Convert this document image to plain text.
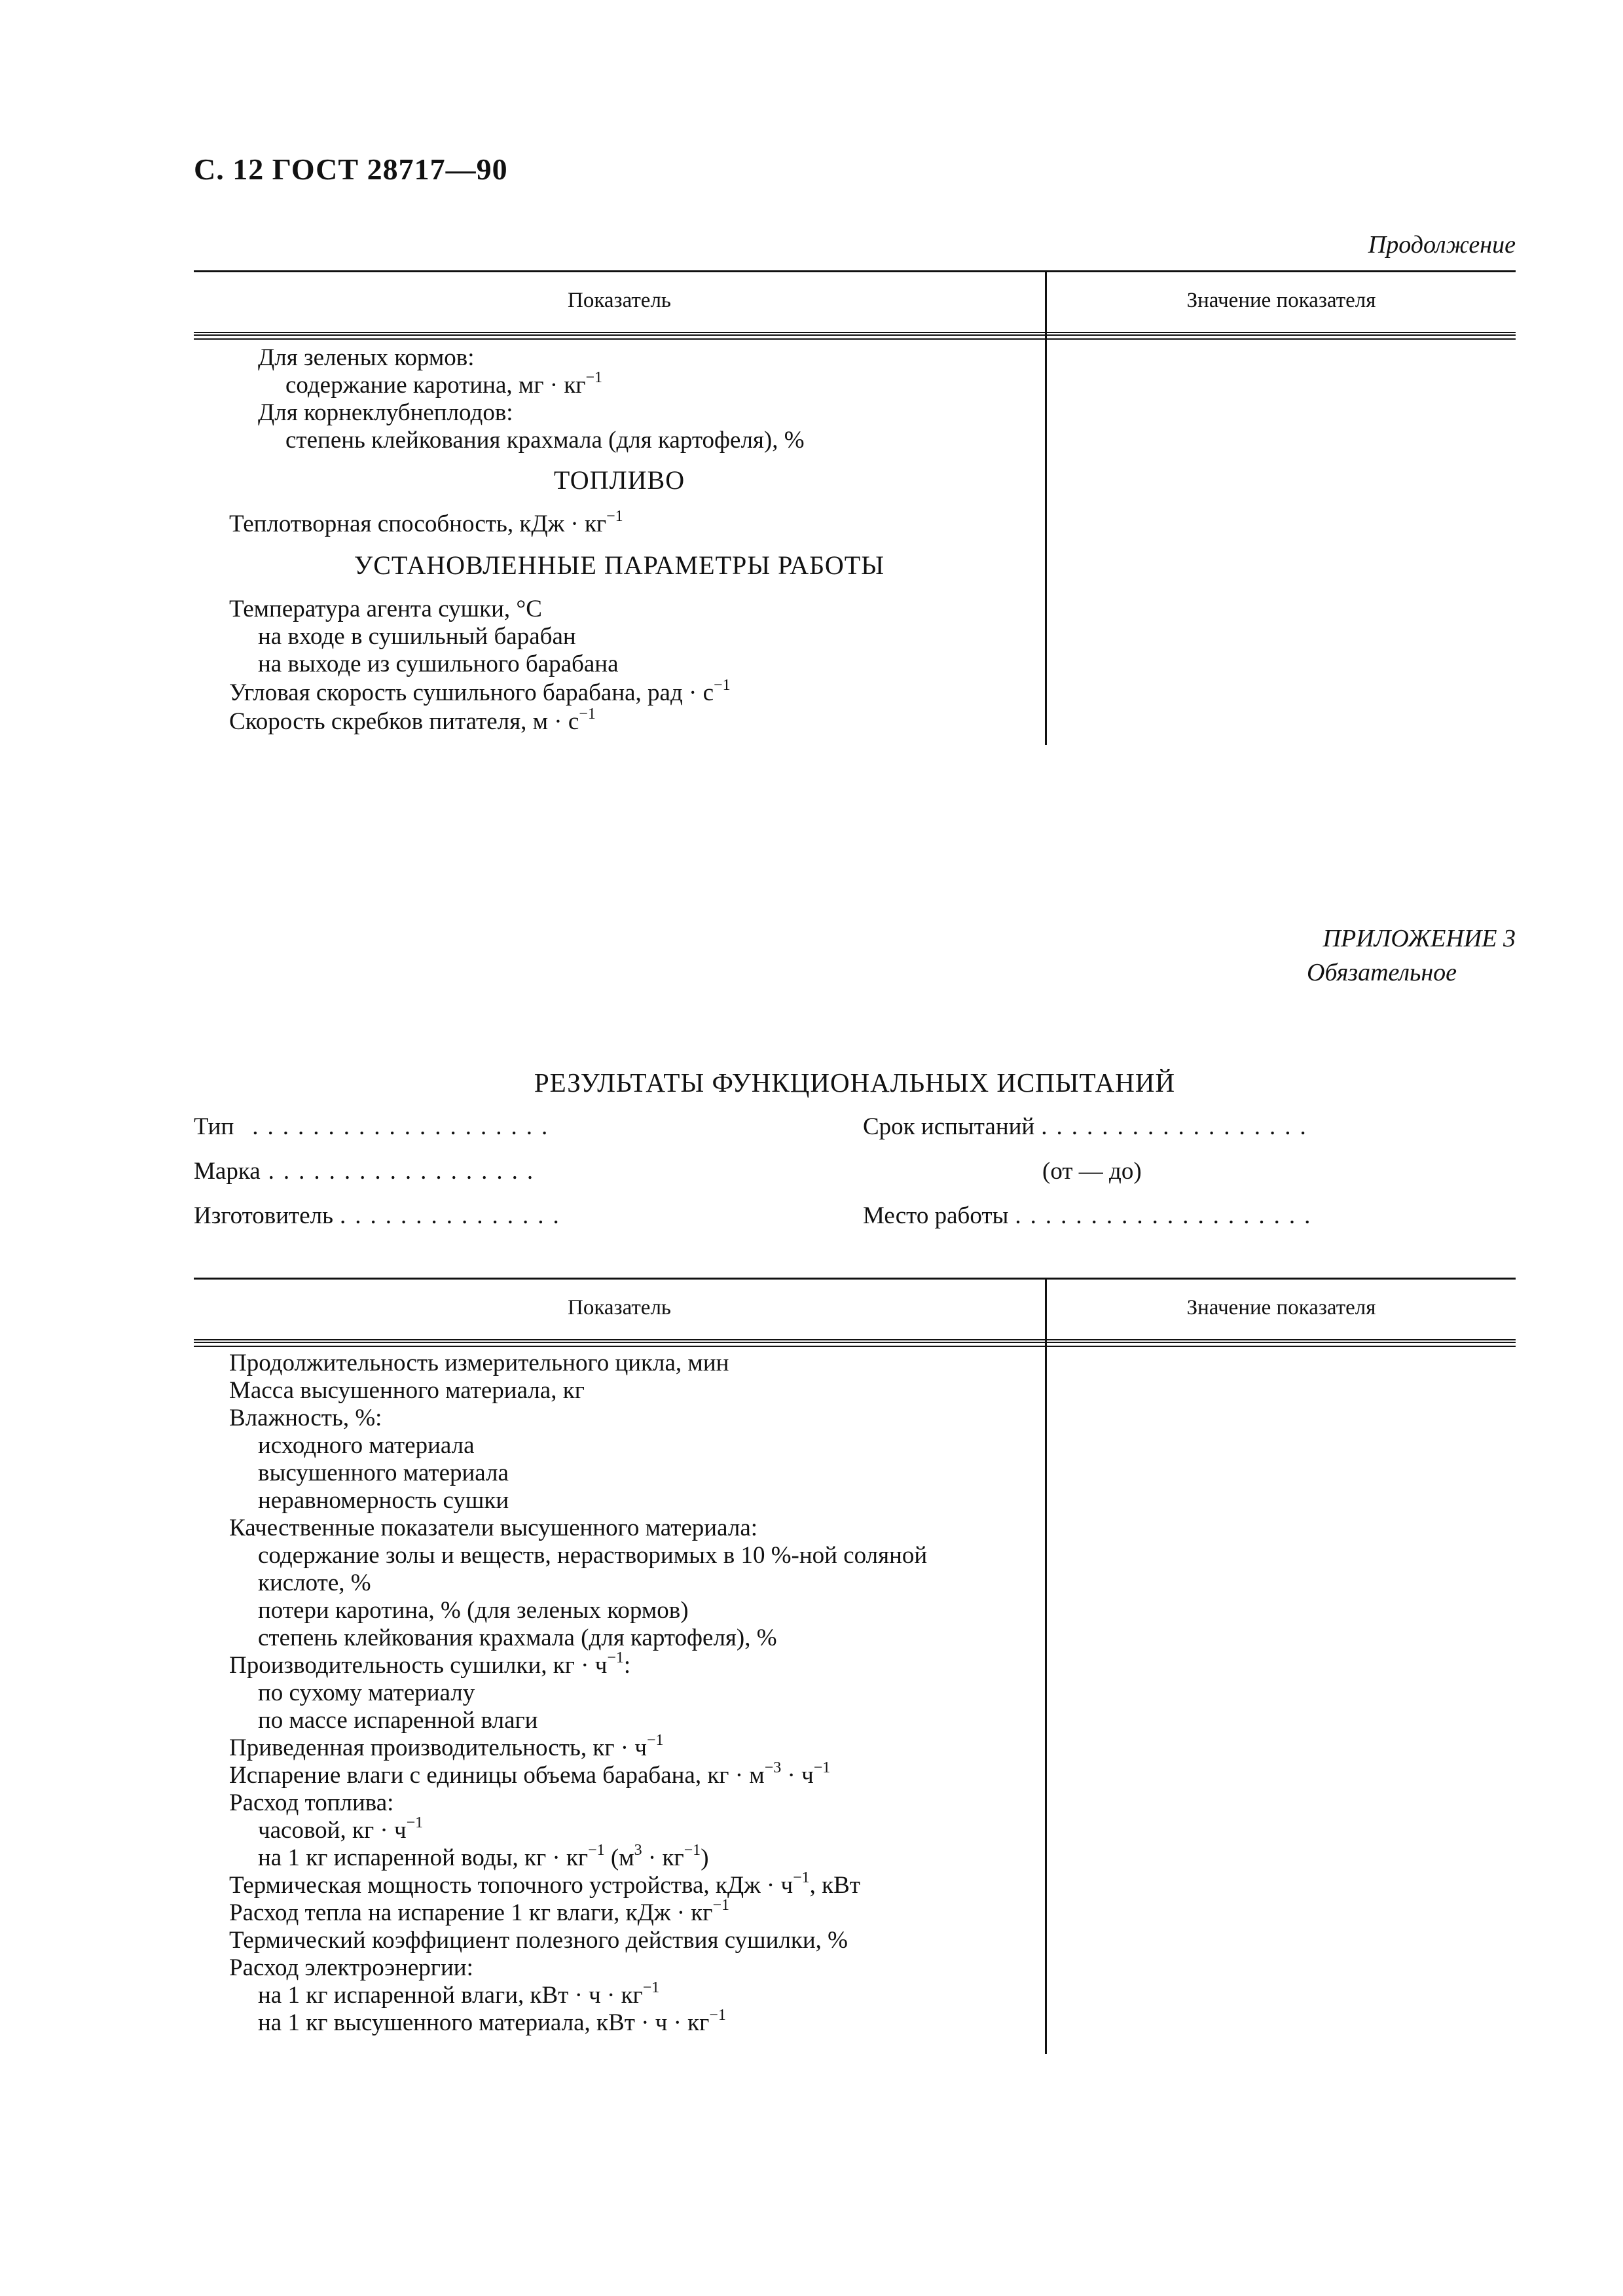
С. 12 ГОСТ 28717—90
Продолжение
Показатель	Значение показателя
Для зеленых кормов:
содержание каротина, мг · $кг^{-1}$
Для корнеклубнеплодов:
степень клейкования крахмала (для картофеля), %
ТОПЛИВО
Теплотворная способность, кДж · $кг^{-1}$
УСТАНОВЛЕННЫЕ ПАРАМЕТРЫ РАБОТЫ
Температура агента сушки, °С
на входе в сушильный барабан
на выходе из сушильного барабана
Угловая скорость сушильного барабана, рад · $с^{-1}$
Скорость скребков питателя, $м \cdot с^{-1}$
ПРИЛОЖЕНИЕ 3
Обязательное
РЕЗУЛЬТАТЫ ФУНКЦИОНАЛЬНЫХ ИСПЫТАНИЙ
Тип ....................
Марка ..................
Изготовитель ...............
Срок испытаний ..................
(от — до)
Место работы ....................
Показатель	Значение показателя
Продолжительность измерительного цикла, мин
Масса высушенного материала, кг
Влажность, %:
исходного материала
высушенного материала
неравномерность сушки
Качественные показатели высушенного материала:
содержание золы и веществ, нерастворимых в 10 %-ной соляной
кислоте, %
потери каротина, % (для зеленых кормов)
степень клейкования крахмала (для картофеля), %
Производительность сушилки, кг · $ч^{-1}$:
по сухому материалу
по массе испаренной влаги
Приведенная производительность, кг · $ч^{-1}$
Испарение влаги с единицы объема барабана, кг · $м^{-3} \cdot ч^{-1}$
Расход топлива:
часовой, кг · $ч^{-1}$
на 1 кг испаренной воды, кг · $кг^{-1}$ $(м^3 \cdot кг^{-1})$
Термическая мощность топочного устройства, кДж · $ч^{-1}$, кВт
Расход тепла на испарение 1 кг влаги, кДж · $кг^{-1}$
Термический коэффициент полезного действия сушилки, %
Расход электроэнергии:
на 1 кг испаренной влаги, кВт · $ч \cdot кг^{-1}$
на 1 кг высушенного материала, кВт · $ч \cdot кг^{-1}$
